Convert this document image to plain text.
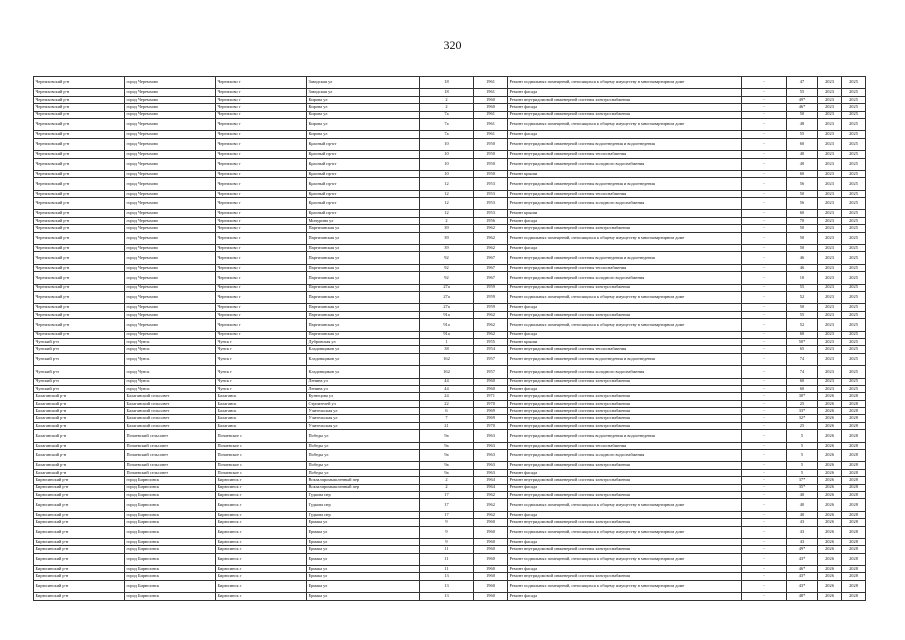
320
Черемховский р-н	город Черемхово	Черемхово г	Заводская ул	18	1961	Ремонт подвальных помещений, относящихся к общему имуществу в многоквартирном доме	-	47	2023	2025
Черемховский р-н	город Черемхово	Черемхово г	Заводская ул	18	1961	Ремонт фасада	-	55	2023	2025
Черемховский р-н	город Черемхово	Черемхово г	Кирова ул	2	1960	Ремонт внутридомовой инженерной системы электроснабжения	-	49*	2023	2025
Черемховский р-н	город Черемхово	Черемхово г	Кирова ул	2	1960	Ремонт фасада	-	46*	2023	2025
Черемховский р-н	город Черемхово	Черемхово г	Кирова ул	7а	1961	Ремонт внутридомовой инженерной системы электроснабжения	-	50	2023	2025
Черемховский р-н	город Черемхово	Черемхово г	Кирова ул	7а	1961	Ремонт подвальных помещений, относящихся к общему имуществу в многоквартирном доме	-	48	2023	2025
Черемховский р-н	город Черемхово	Черемхово г	Кирова ул	7а	1961	Ремонт фасада	-	55	2023	2025
Черемховский р-н	город Черемхово	Черемхово г	Красный пр-кт	10	1950	Ремонт внутридомовой инженерной системы водоотведения и водоотведения	-	60	2023	2025
Черемховский р-н	город Черемхово	Черемхово г	Красный пр-кт	10	1950	Ремонт внутридомовой инженерной системы теплоснабжения	-	40	2023	2025
Черемховский р-н	город Черемхово	Черемхово г	Красный пр-кт	10	1950	Ремонт внутридомовой инженерной системы холодного водоснабжения	-	40	2023	2025
Черемховский р-н	город Черемхово	Черемхово г	Красный пр-кт	10	1950	Ремонт крыши	-	60	2023	2025
Черемховский р-н	город Черемхово	Черемхово г	Красный пр-кт	12	1953	Ремонт внутридомовой инженерной системы водоотведения и водоотведения	-	56	2023	2025
Черемховский р-н	город Черемхово	Черемхово г	Красный пр-кт	12	1953	Ремонт внутридомовой инженерной системы теплоснабжения	-	50	2023	2025
Черемховский р-н	город Черемхово	Черемхово г	Красный пр-кт	12	1953	Ремонт внутридомовой инженерной системы холодного водоснабжения	-	56	2023	2025
Черемховский р-н	город Черемхово	Черемхово г	Красный пр-кт	12	1953	Ремонт крыши	-	60	2023	2025
Черемховский р-н	город Черемхово	Черемхово г	Мичурина ул	2	1956	Ремонт фасада	-	70	2023	2025
Черемховский р-н	город Черемхово	Черемхово г	Партизанская ул	39	1962	Ремонт внутридомовой инженерной системы электроснабжения	-	50	2023	2025
Черемховский р-н	город Черемхово	Черемхово г	Партизанская ул	39	1962	Ремонт подвальных помещений, относящихся к общему имуществу в многоквартирном доме	-	50	2023	2025
Черемховский р-н	город Черемхово	Черемхово г	Партизанская ул	39	1962	Ремонт фасада	-	50	2023	2025
Черемховский р-н	город Черемхово	Черемхово г	Партизанская ул	92	1967	Ремонт внутридомовой инженерной системы водоотведения и водоотведения	-	46	2023	2025
Черемховский р-н	город Черемхово	Черемхово г	Партизанская ул	92	1967	Ремонт внутридомовой инженерной системы теплоснабжения	-	46	2023	2025
Черемховский р-н	город Черемхово	Черемхово г	Партизанская ул	92	1967	Ремонт внутридомовой инженерной системы холодного водоснабжения	-	10	2023	2025
Черемховский р-н	город Черемхово	Черемхово г	Партизанская ул	27а	1959	Ремонт внутридомовой инженерной системы электроснабжения	-	55	2023	2025
Черемховский р-н	город Черемхово	Черемхово г	Партизанская ул	27а	1959	Ремонт подвальных помещений, относящихся к общему имуществу в многоквартирном доме	-	52	2023	2025
Черемховский р-н	город Черемхово	Черемхово г	Партизанская ул	27а	1959	Ремонт фасада	-	50	2023	2025
Черемховский р-н	город Черемхово	Черемхово г	Партизанская ул	91а	1962	Ремонт внутридомовой инженерной системы электроснабжения	-	55	2023	2025
Черемховский р-н	город Черемхово	Черемхово г	Партизанская ул	91а	1962	Ремонт подвальных помещений, относящихся к общему имуществу в многоквартирном доме	-	52	2023	2025
Черемховский р-н	город Черемхово	Черемхово г	Партизанская ул	91а	1962	Ремонт фасада	-	60	2023	2025
Чунский р-н	город Чунск	Чунск г	Дубровская ул	1	1955	Ремонт крыши	-	50*	2023	2025
Чунский р-н	город Чунск	Чунск г	Кладовщиков ул	38	1954	Ремонт внутридомовой инженерной системы теплоснабжения	-	65	2023	2025
Чунский р-н	город Чунск	Чунск г	Кладовщиков ул	162	1957	Ремонт внутридомовой инженерной системы водоотведения и водоотведения	-	74	2023	2025
Чунский р-н	город Чунск	Чунск г	Кладовщиков ул	162	1957	Ремонт внутридомовой инженерной системы холодного водоснабжения	-	74	2023	2025
Чунский р-н	город Чунск	Чунск г	Ленина ул	44	1960	Ремонт внутридомовой инженерной системы электроснабжения	-	60	2023	2025
Чунский р-н	город Чунск	Чунск г	Ленина ул	44	1960	Ремонт фасада	-	60	2023	2025
Балаганский р-н	Балаганский сельсовет	Балаганск	Кузнецова ул	24	1971	Ремонт внутридомовой инженерной системы электроснабжения	-	30*	2026	2028
Балаганский р-н	Балаганский сельсовет	Балаганск	Строителей ул	22	1970	Ремонт внутридомовой инженерной системы электроснабжения	-	25	2026	2028
Балаганский р-н	Балаганский сельсовет	Балаганск	Учительская ул	6	1969	Ремонт внутридомовой инженерной системы электроснабжения	-	33*	2026	2028
Балаганский р-н	Балаганский сельсовет	Балаганск	Учительская ул	7	1969	Ремонт внутридомовой инженерной системы электроснабжения	-	32*	2026	2028
Балаганский р-н	Балаганский сельсовет	Балаганск	Учительская ул	21	1970	Ремонт внутридомовой инженерной системы электроснабжения	-	25	2026	2028
Балаганский р-н	Почаевский сельсовет	Почаевское с	Победы ул	9а	1963	Ремонт внутридомовой инженерной системы водоотведения и водоотведения	-	5	2026	2028
Балаганский р-н	Почаевский сельсовет	Почаевское с	Победы ул	9а	1963	Ремонт внутридомовой инженерной системы теплоснабжения	-	5	2026	2028
Балаганский р-н	Почаевский сельсовет	Почаевское с	Победы ул	9а	1963	Ремонт внутридомовой инженерной системы холодного водоснабжения	-	5	2026	2028
Балаганский р-н	Почаевский сельсовет	Почаевское с	Победы ул	9а	1963	Ремонт внутридомовой инженерной системы электроснабжения	-	5	2026	2028
Балаганский р-н	Почаевский сельсовет	Почаевское с	Победы ул	9а	1963	Ремонт фасада	-	5	2026	2028
Бирюсинский р-н	город Бирюсинск	Бирюсинск г	Вокзалпромышленный пер	2	1964	Ремонт внутридомовой инженерной системы электроснабжения	-	37*	2026	2028
Бирюсинский р-н	город Бирюсинск	Бирюсинск г	Вокзалпромышленный пер	2	1964	Ремонт фасада	-	35*	2026	2028
Бирюсинский р-н	город Бирюсинск	Бирюсинск г	Гудкова пер	17	1962	Ремонт внутридомовой инженерной системы электроснабжения	-	40	2026	2028
Бирюсинский р-н	город Бирюсинск	Бирюсинск г	Гудкова пер	17	1962	Ремонт подвальных помещений, относящихся к общему имуществу в многоквартирном доме	-	40	2026	2028
Бирюсинский р-н	город Бирюсинск	Бирюсинск г	Гудкова пер	17	1962	Ремонт фасада	-	40	2026	2028
Бирюсинский р-н	город Бирюсинск	Бирюсинск г	Ермака ул	9	1960	Ремонт внутридомовой инженерной системы электроснабжения	-	43	2026	2028
Бирюсинский р-н	город Бирюсинск	Бирюсинск г	Ермака ул	9	1960	Ремонт подвальных помещений, относящихся к общему имуществу в многоквартирном доме	-	43	2026	2028
Бирюсинский р-н	город Бирюсинск	Бирюсинск г	Ермака ул	9	1960	Ремонт фасада	-	43	2026	2028
Бирюсинский р-н	город Бирюсинск	Бирюсинск г	Ермака ул	11	1960	Ремонт внутридомовой инженерной системы электроснабжения	-	49*	2026	2028
Бирюсинский р-н	город Бирюсинск	Бирюсинск г	Ермака ул	11	1960	Ремонт подвальных помещений, относящихся к общему имуществу в многоквартирном доме	-	43*	2026	2028
Бирюсинский р-н	город Бирюсинск	Бирюсинск г	Ермака ул	11	1960	Ремонт фасада	-	46*	2026	2028
Бирюсинский р-н	город Бирюсинск	Бирюсинск г	Ермака ул	13	1960	Ремонт внутридомовой инженерной системы электроснабжения	-	43*	2026	2028
Бирюсинский р-н	город Бирюсинск	Бирюсинск г	Ермака ул	13	1960	Ремонт подвальных помещений, относящихся к общему имуществу в многоквартирном доме	-	43*	2026	2028
Бирюсинский р-н	город Бирюсинск	Бирюсинск г	Ермака ул	13	1960	Ремонт фасада	-	48*	2026	2028
